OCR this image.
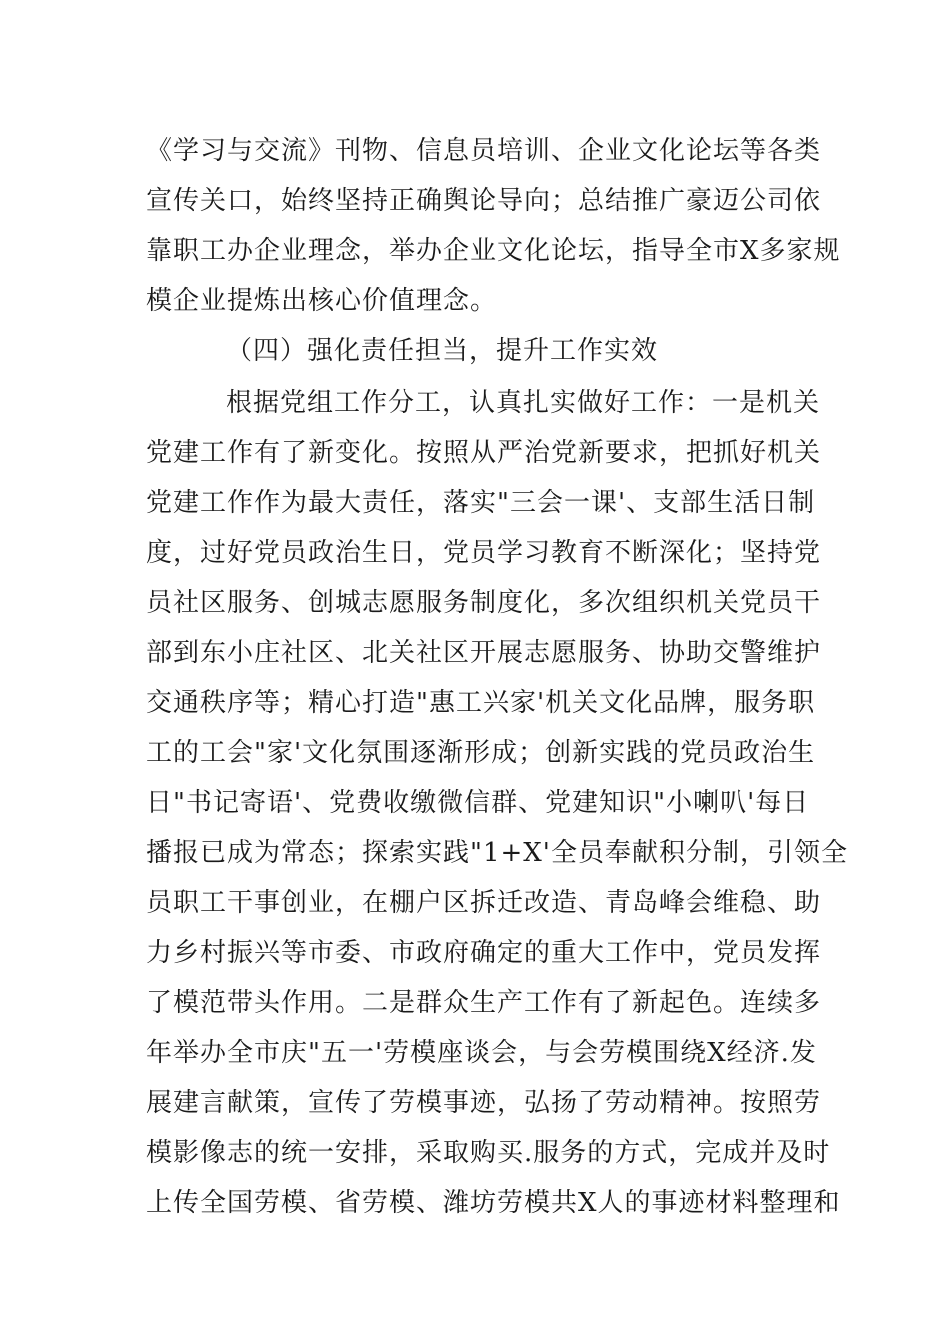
《学习与交流》刊物、信息员培训、企业文化论坛等各类
宣传关口，始终坚持正确舆论导向；总结推广豪迈公司依
靠职工办企业理念，举办企业文化论坛，指导全市X多家规
模企业提炼出核心价值理念。
（四）强化责任担当，提升工作实效
根据党组工作分工，认真扎实做好工作：一是机关
党建工作有了新变化。按照从严治党新要求，把抓好机关
党建工作作为最大责任，落实"三会一课'、支部生活日制
度，过好党员政治生日，党员学习教育不断深化；坚持党
员社区服务、创城志愿服务制度化，多次组织机关党员干
部到东小庄社区、北关社区开展志愿服务、协助交警维护
交通秩序等；精心打造"惠工兴家'机关文化品牌，服务职
工的工会"家'文化氛围逐渐形成；创新实践的党员政治生
日"书记寄语'、党费收缴微信群、党建知识"小喇叭'每日
播报已成为常态；探索实践"1+X'全员奉献积分制，引领全
员职工干事创业，在棚户区拆迁改造、青岛峰会维稳、助
力乡村振兴等市委、市政府确定的重大工作中，党员发挥
了模范带头作用。二是群众生产工作有了新起色。连续多
年举办全市庆"五一'劳模座谈会，与会劳模围绕X经济.发
展建言献策，宣传了劳模事迹，弘扬了劳动精神。按照劳
模影像志的统一安排，采取购买.服务的方式，完成并及时
上传全国劳模、省劳模、潍坊劳模共X人的事迹材料整理和
